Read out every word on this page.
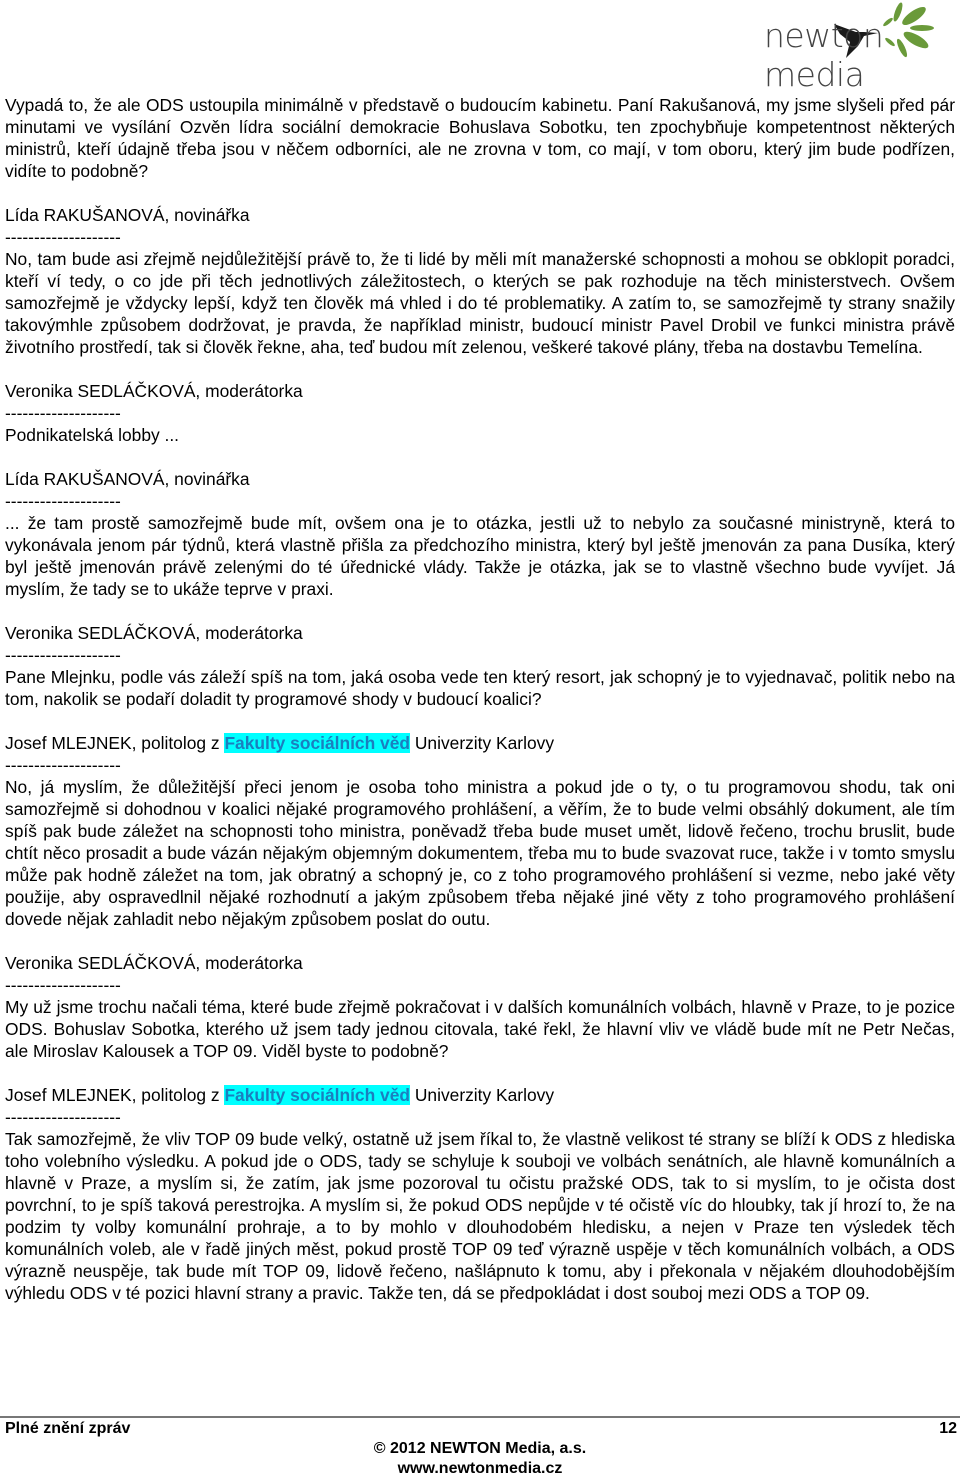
newton media

Vypadá to, že ale ODS ustoupila minimálně v představě o budoucím kabinetu. Paní Rakušanová, my jsme slyšeli před pár minutami ve vysílání Ozvěn lídra sociální demokracie Bohuslava Sobotku, ten zpochybňuje kompetentnost některých ministrů, kteří údajně třeba jsou v něčem odborníci, ale ne zrovna v tom, co mají, v tom oboru, který jim bude podřízen, vidíte to podobně?

Lída RAKUŠANOVÁ, novinářka

--------------------

No, tam bude asi zřejmě nejdůležitější právě to, že ti lidé by měli mít manažerské schopnosti a mohou se obklopit poradci, kteří ví tedy, o co jde při těch jednotlivých záležitostech, o kterých se pak rozhoduje na těch ministerstvech. Ovšem samozřejmě je vždycky lepší, když ten člověk má vhled i do té problematiky. A zatím to, se samozřejmě ty strany snažily takovýmhle způsobem dodržovat, je pravda, že například ministr, budoucí ministr Pavel Drobil ve funkci ministra právě životního prostředí, tak si člověk řekne, aha, teď budou mít zelenou, veškeré takové plány, třeba na dostavbu Temelína.

Veronika SEDLÁČKOVÁ, moderátorka

--------------------

Podnikatelská lobby ...

Lída RAKUŠANOVÁ, novinářka

--------------------

... že tam prostě samozřejmě bude mít, ovšem ona je to otázka, jestli už to nebylo za současné ministryně, která to vykonávala jenom pár týdnů, která vlastně přišla za předchozího ministra, který byl ještě jmenován za pana Dusíka, který byl ještě jmenován právě zelenými do té úřednické vlády. Takže je otázka, jak se to vlastně všechno bude vyvíjet. Já myslím, že tady se to ukáže teprve v praxi.

Veronika SEDLÁČKOVÁ, moderátorka

--------------------

Pane Mlejnku, podle vás záleží spíš na tom, jaká osoba vede ten který resort, jak schopný je to vyjednavač, politik nebo na tom, nakolik se podaří doladit ty programové shody v budoucí koalici?

Josef MLEJNEK, politolog z Fakulty sociálních věd Univerzity Karlovy

--------------------

No, já myslím, že důležitější přeci jenom je osoba toho ministra a pokud jde o ty, o tu programovou shodu, tak oni samozřejmě si dohodnou v koalici nějaké programového prohlášení, a věřím, že to bude velmi obsáhlý dokument, ale tím spíš pak bude záležet na schopnosti toho ministra, poněvadž třeba bude muset umět, lidově řečeno, trochu bruslit, bude chtít něco prosadit a bude vázán nějakým objemným dokumentem, třeba mu to bude svazovat ruce, takže i v tomto smyslu může pak hodně záležet na tom, jak obratný a schopný je, co z toho programového prohlášení si vezme, nebo jaké věty použije, aby ospravedlnil nějaké rozhodnutí a jakým způsobem třeba nějaké jiné věty z toho programového prohlášení dovede nějak zahladit nebo nějakým způsobem poslat do outu.

Veronika SEDLÁČKOVÁ, moderátorka

--------------------

My už jsme trochu načali téma, které bude zřejmě pokračovat i v dalších komunálních volbách, hlavně v Praze, to je pozice ODS. Bohuslav Sobotka, kterého už jsem tady jednou citovala, také řekl, že hlavní vliv ve vládě bude mít ne Petr Nečas, ale Miroslav Kalousek a TOP 09. Viděl byste to podobně?

Josef MLEJNEK, politolog z Fakulty sociálních věd Univerzity Karlovy

--------------------

Tak samozřejmě, že vliv TOP 09 bude velký, ostatně už jsem říkal to, že vlastně velikost té strany se blíží k ODS z hlediska toho volebního výsledku. A pokud jde o ODS, tady se schyluje k souboji ve volbách senátních, ale hlavně komunálních a hlavně v Praze, a myslím si, že zatím, jak jsme pozoroval tu očistu pražské ODS, tak to si myslím, to je očista dost povrchní, to je spíš taková perestrojka. A myslím si, že pokud ODS nepůjde v té očistě víc do hloubky, tak jí hrozí to, že na podzim ty volby komunální prohraje, a to by mohlo v dlouhodobém hledisku, a nejen v Praze ten výsledek těch komunálních voleb, ale v řadě jiných měst, pokud prostě TOP 09 teď výrazně uspěje v těch komunálních volbách, a ODS výrazně neuspěje, tak bude mít TOP 09, lidově řečeno, našlápnuto k tomu, aby i překonala v nějakém dlouhodobějším výhledu ODS v té pozici hlavní strany a pravic. Takže ten, dá se předpokládat i dost souboj mezi ODS a TOP 09.

Plné znění zpráv	12
© 2012 NEWTON Media, a.s.
www.newtonmedia.cz
